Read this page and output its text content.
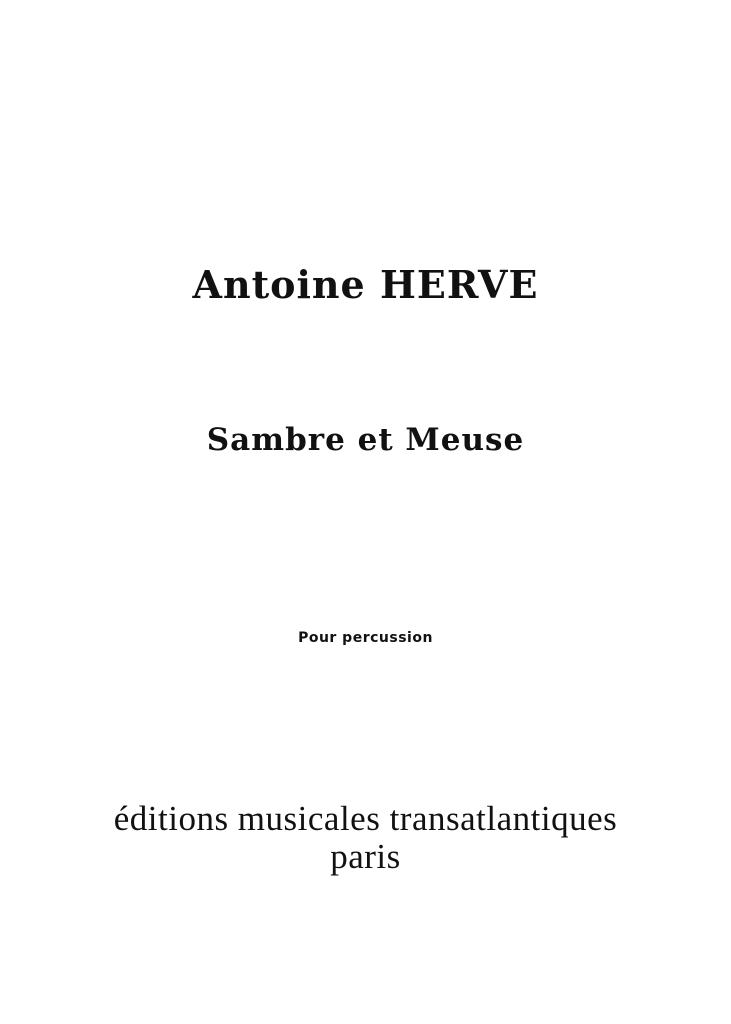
Antoine HERVE
Sambre et Meuse
Pour percussion
éditions musicales transatlantiques
paris
